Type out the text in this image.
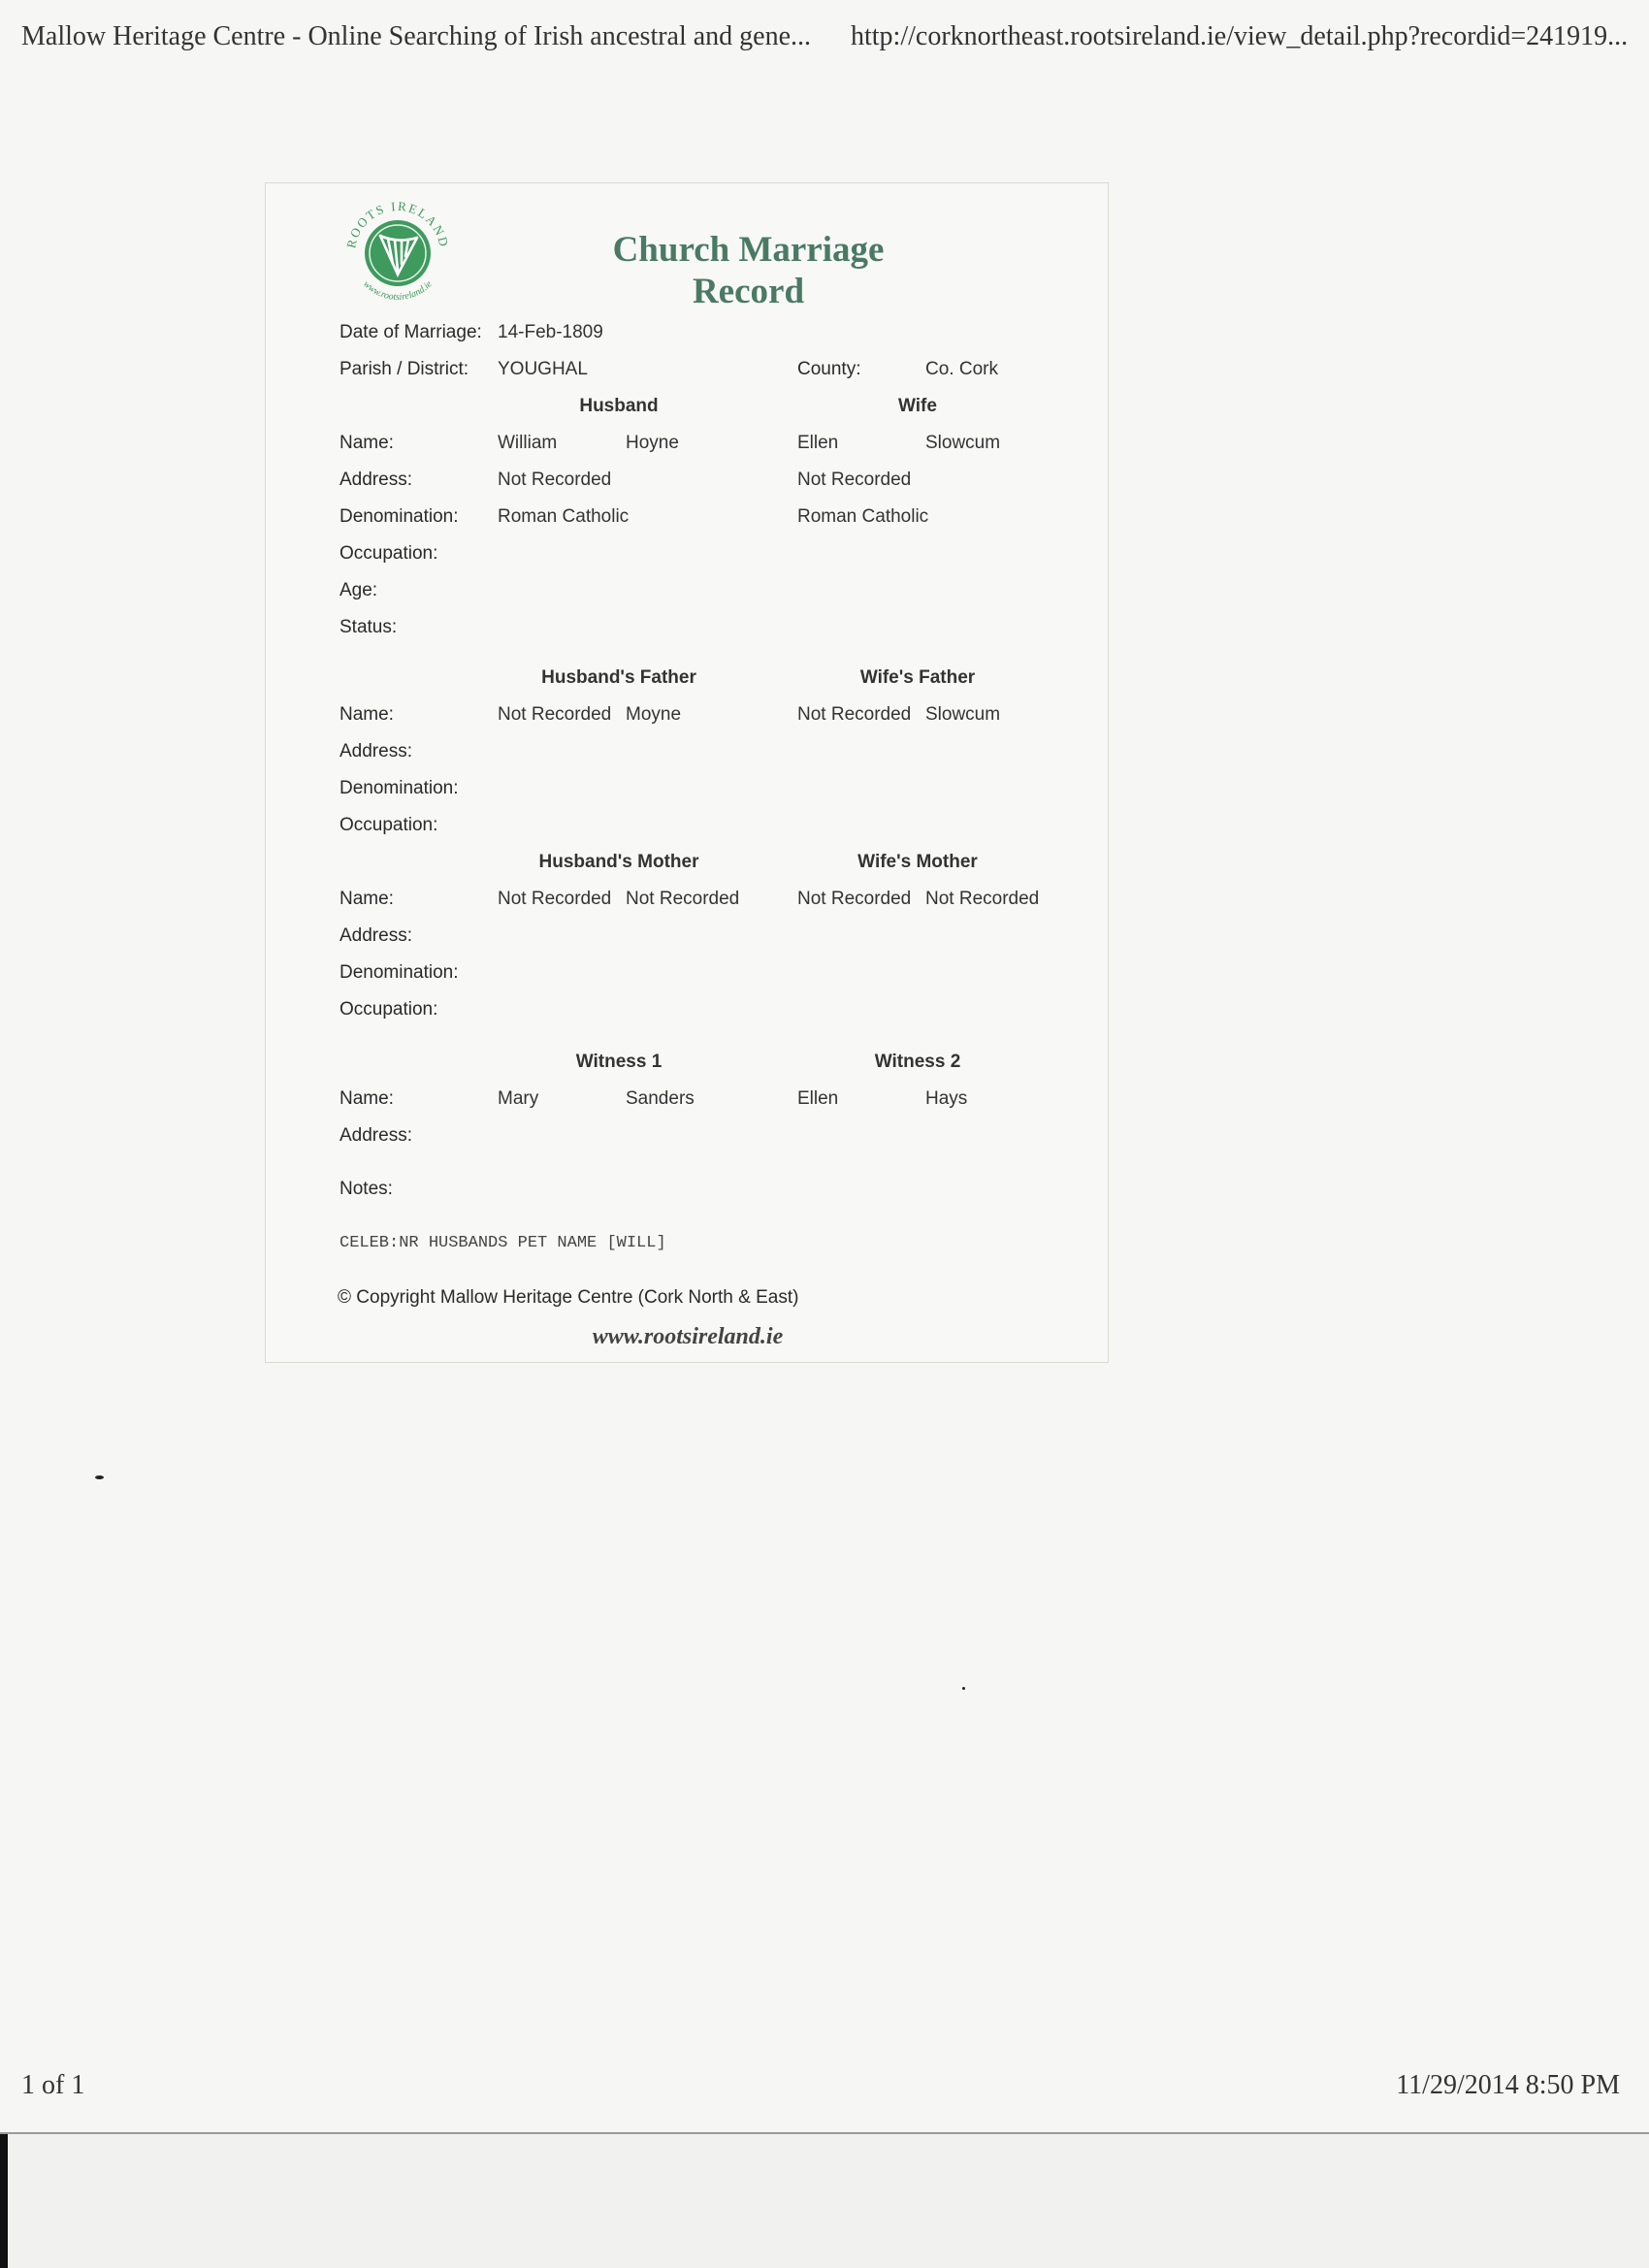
Mallow Heritage Centre - Online Searching of Irish ancestral and gene... http://corknortheast.rootsireland.ie/view_detail.php?recordid=241919...
ROOTS IRELAND
www.rootsireland.ie
Church Marriage Record
Date of Marriage: 14-Feb-1809
Parish / District: YOUGHAL	County:	Co. Cork
Husband	Wife
Name:	William	Hoyne	Ellen	Slowcum
Address:	Not Recorded	Not Recorded
Denomination: Roman Catholic	Roman Catholic
Occupation:
Age:
Status:
Husband's Father	Wife's Father
Name:	Not Recorded Moyne	Not Recorded Slowcum
Address:
Denomination:
Occupation:
Husband's Mother	Wife's Mother
Name:	Not Recorded Not Recorded	Not Recorded Not Recorded
Address:
Denomination:
Occupation:
Witness 1	Witness 2
Name:	Mary	Sanders	Ellen	Hays
Address:
Notes:
CELEB:NR HUSBANDS PET NAME [WILL]
© Copyright Mallow Heritage Centre (Cork North & East)
www.rootsireland.ie
1 of 1	11/29/2014 8:50 PM
